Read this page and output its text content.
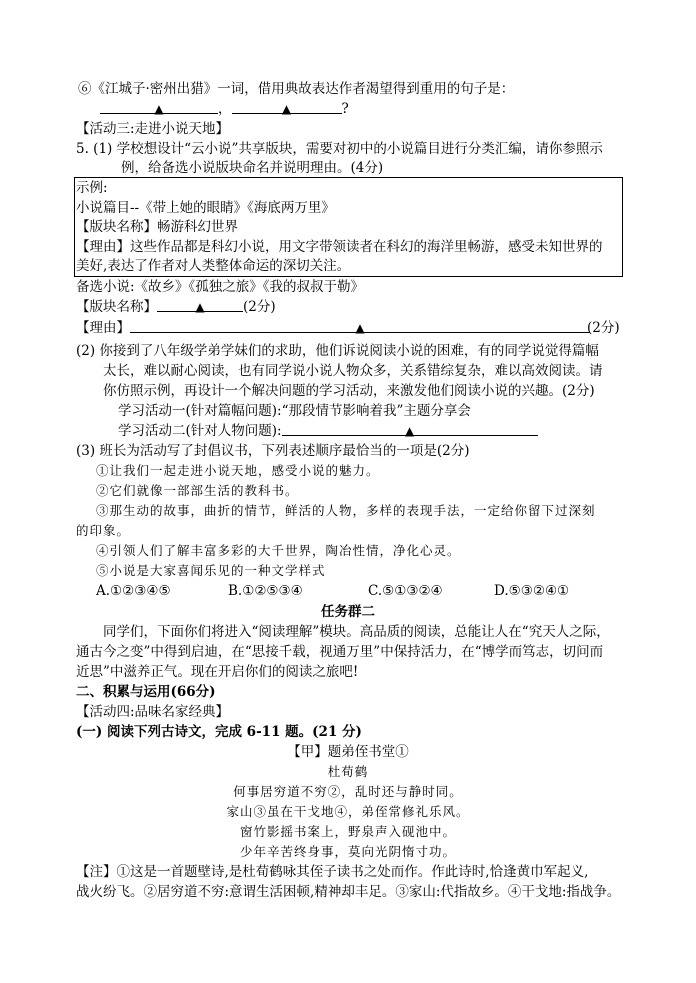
⑥《江城子·密州出猎》一词，借用典故表达作者渴望得到重用的句子是：
▲	，	▲	?
【活动三:走进小说天地】
5. (1) 学校想设计“云小说”共享版块，需要对初中的小说篇目进行分类汇编，请你参照示
例，给备选小说版块命名并说明理由。(4分)
示例:
小说篇目--《带上她的眼睛》《海底两万里》
【版块名称】畅游科幻世界
【理由】这些作品都是科幻小说，用文字带领读者在科幻的海洋里畅游，感受未知世界的
美好,表达了作者对人类整体命运的深切关注。
备选小说:《故乡》《孤独之旅》《我的叔叔于勒》
【版块名称】	▲	(2分)
【理由】	▲	(2分)
(2) 你接到了八年级学弟学妹们的求助，他们诉说阅读小说的困难，有的同学说觉得篇幅
太长，难以耐心阅读，也有同学说小说人物众多，关系错综复杂，难以高效阅读。请
你仿照示例，再设计一个解决问题的学习活动，来激发他们阅读小说的兴趣。(2分)
学习活动一(针对篇幅问题):“那段情节影响着我”主题分享会
学习活动二(针对人物问题):	▲
(3) 班长为活动写了封倡议书，下列表述顺序最恰当的一项是(2分)
①让我们一起走进小说天地，感受小说的魅力。
②它们就像一部部生活的教科书。
③那生动的故事，曲折的情节，鲜活的人物，多样的表现手法，一定给你留下过深刻
的印象。
④引领人们了解丰富多彩的大千世界，陶冶性情，净化心灵。
⑤小说是大家喜闻乐见的一种文学样式
A.①②③④⑤	B.①②⑤③④	C.⑤①③②④	D.⑤③②④①
任务群二
同学们，下面你们将进入“阅读理解”模块。高品质的阅读，总能让人在“究天人之际，
通古今之变”中得到启迪，在“思接千载，视通万里”中保持活力，在“博学而笃志，切问而
近思”中滋养正气。现在开启你们的阅读之旅吧!
二、积累与运用(66分)
【活动四:品味名家经典】
(一) 阅读下列古诗文，完成 6-11 题。(21 分)
【甲】题弟侄书堂①
杜荀鹤
何事居穷道不穷②，乱时还与静时同。
家山③虽在干戈地④，弟侄常修礼乐风。
窗竹影摇书案上，野泉声入砚池中。
少年辛苦终身事，莫向光阴惰寸功。
【注】①这是一首题壁诗,是杜荀鹤咏其侄子读书之处而作。作此诗时,恰逢黄巾军起义,
战火纷飞。②居穷道不穷:意谓生活困顿,精神却丰足。③家山:代指故乡。④干戈地:指战争。
